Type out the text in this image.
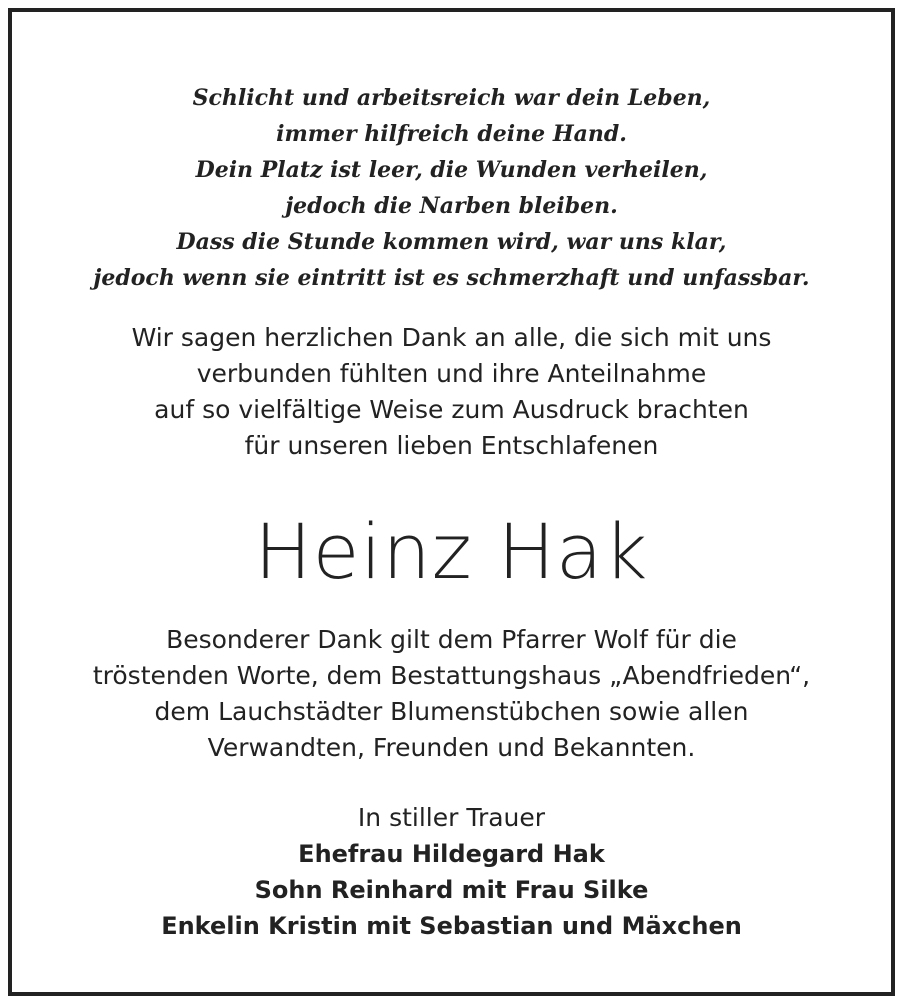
Schlicht und arbeitsreich war dein Leben,
immer hilfreich deine Hand.
Dein Platz ist leer, die Wunden verheilen,
jedoch die Narben bleiben.
Dass die Stunde kommen wird, war uns klar,
jedoch wenn sie eintritt ist es schmerzhaft und unfassbar.
Wir sagen herzlichen Dank an alle, die sich mit uns
verbunden fühlten und ihre Anteilnahme
auf so vielfältige Weise zum Ausdruck brachten
für unseren lieben Entschlafenen
Heinz Hak
Besonderer Dank gilt dem Pfarrer Wolf für die
tröstenden Worte, dem Bestattungshaus „Abendfrieden“,
dem Lauchstädter Blumenstübchen sowie allen
Verwandten, Freunden und Bekannten.
In stiller Trauer
Ehefrau Hildegard Hak
Sohn Reinhard mit Frau Silke
Enkelin Kristin mit Sebastian und Mäxchen
